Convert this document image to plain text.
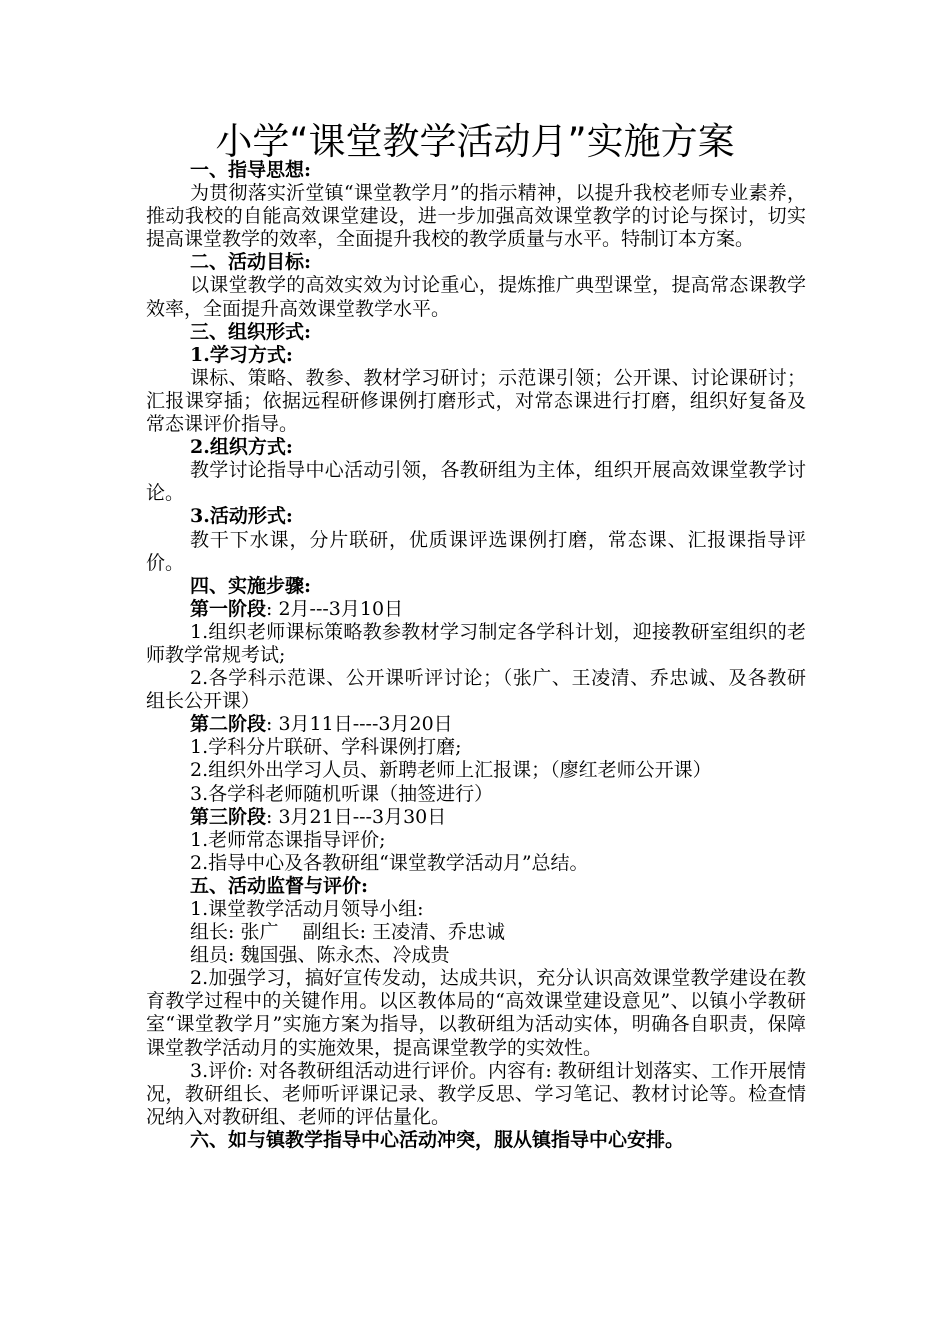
小学“课堂教学活动月”实施方案

一、指导思想:

为贯彻落实沂堂镇“课堂教学月”的指示精神，以提升我校老师专业素养，推动我校的自能高效课堂建设，进一步加强高效课堂教学的讨论与探讨，切实提高课堂教学的效率，全面提升我校的教学质量与水平。特制订本方案。

二、活动目标:

以课堂教学的高效实效为讨论重心，提炼推广典型课堂，提高常态课教学效率，全面提升高效课堂教学水平。

三、组织形式:

1.学习方式:

课标、策略、教参、教材学习研讨；示范课引领；公开课、讨论课研讨；汇报课穿插；依据远程研修课例打磨形式，对常态课进行打磨，组织好复备及常态课评价指导。

2.组织方式:

教学讨论指导中心活动引领，各教研组为主体，组织开展高效课堂教学讨论。

3.活动形式:

教干下水课，分片联研，优质课评选课例打磨，常态课、汇报课指导评价。

四、实施步骤:

第一阶段: 2月---3月10日

1.组织老师课标策略教参教材学习制定各学科计划，迎接教研室组织的老师教学常规考试;

2.各学科示范课、公开课听评讨论；（张广、王凌清、乔忠诚、及各教研组长公开课）

第二阶段: 3月11日----3月20日

1.学科分片联研、学科课例打磨;

2.组织外出学习人员、新聘老师上汇报课；（廖红老师公开课）

3.各学科老师随机听课（抽签进行）

第三阶段: 3月21日---3月30日

1.老师常态课指导评价;

2.指导中心及各教研组“课堂教学活动月”总结。

五、活动监督与评价:

1.课堂教学活动月领导小组:

组长: 张广    副组长: 王凌清、乔忠诚

组员: 魏国强、陈永杰、冷成贵

2.加强学习，搞好宣传发动，达成共识，充分认识高效课堂教学建设在教育教学过程中的关键作用。以区教体局的“高效课堂建设意见”、以镇小学教研室“课堂教学月”实施方案为指导，以教研组为活动实体，明确各自职责，保障课堂教学活动月的实施效果，提高课堂教学的实效性。

3.评价: 对各教研组活动进行评价。内容有: 教研组计划落实、工作开展情况，教研组长、老师听评课记录、教学反思、学习笔记、教材讨论等。检查情况纳入对教研组、老师的评估量化。

六、如与镇教学指导中心活动冲突，服从镇指导中心安排。
